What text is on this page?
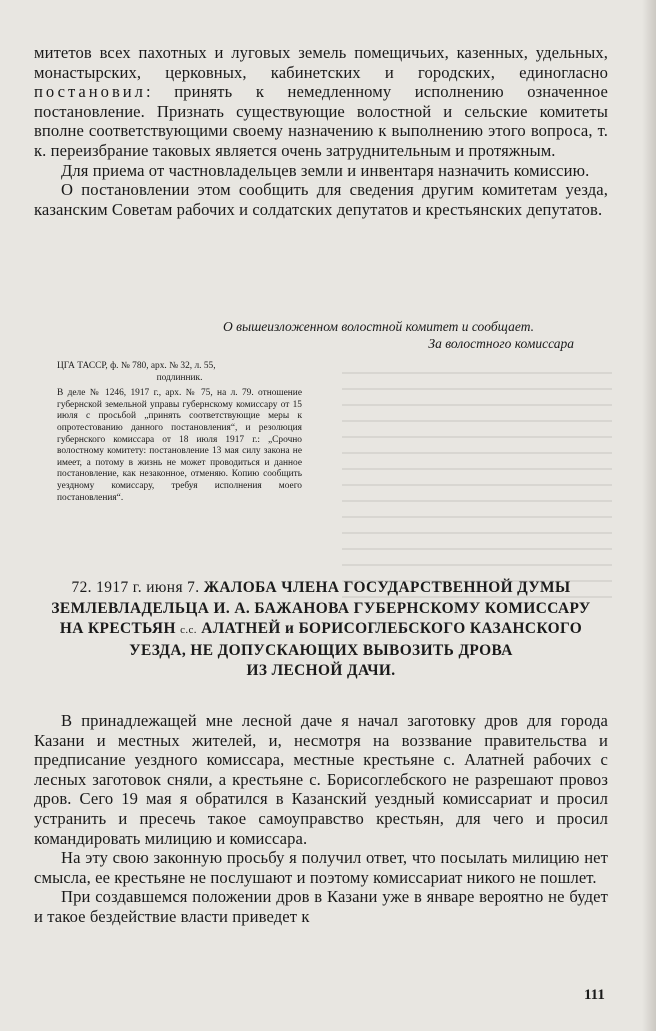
митетов всех пахотных и луговых земель помещичьих, казенных, удельных, монастырских, церковных, кабинетских и городских, единогласно постановил: принять к немедленному исполнению означенное постановление. Признать существующие волостной и сельские комитеты вполне соответствующими своему назначению к выполнению этого вопроса, т. к. переизбрание таковых является очень затруднительным и протяжным.

Для приема от частновладельцев земли и инвентаря назначить комиссию.

О постановлении этом сообщить для сведения другим комитетам уезда, казанским Советам рабочих и солдатских депутатов и крестьянских депутатов.

О вышеизложенном волостной комитет и сообщает.
За волостного комиссара

ЦГА ТАССР, ф. № 780, арх. № 32, л. 55,
подлинник.

В деле № 1246, 1917 г., арх. № 75, на л. 79. отношение губернской земельной управы губернскому комиссару от 15 июля с просьбой „принять соответствующие меры к опротестованию данного постановления“, и резолюция губернского комиссара от 18 июля 1917 г.: „Срочно волостному комитету: постановление 13 мая силу закона не имеет, а потому в жизнь не может проводиться и данное постановление, как незаконное, отменяю. Копию сообщить уездному комиссару, требуя исполнения моего постановления“.

72. 1917 г. июня 7. ЖАЛОБА ЧЛЕНА ГОСУДАРСТВЕННОЙ ДУМЫ
ЗЕМЛЕВЛАДЕЛЬЦА И. А. БАЖАНОВА ГУБЕРНСКОМУ КОМИССАРУ
НА КРЕСТЬЯН с.с. АЛАТНЕЙ и БОРИСОГЛЕБСКОГО КАЗАНСКОГО
УЕЗДА, НЕ ДОПУСКАЮЩИХ ВЫВОЗИТЬ ДРОВА
ИЗ ЛЕСНОЙ ДАЧИ.

В принадлежащей мне лесной даче я начал заготовку дров для города Казани и местных жителей, и, несмотря на воззвание правительства и предписание уездного комиссара, местные крестьяне с. Алатней рабочих с лесных заготовок сняли, а крестьяне с. Борисоглебского не разрешают провоз дров. Сего 19 мая я обратился в Казанский уездный комиссариат и просил устранить и пресечь такое самоуправство крестьян, для чего и просил командировать милицию и комиссара.

На эту свою законную просьбу я получил ответ, что посылать милицию нет смысла, ее крестьяне не послушают и поэтому комиссариат никого не пошлет.

При создавшемся положении дров в Казани уже в январе вероятно не будет и такое бездействие власти приведет к

111
